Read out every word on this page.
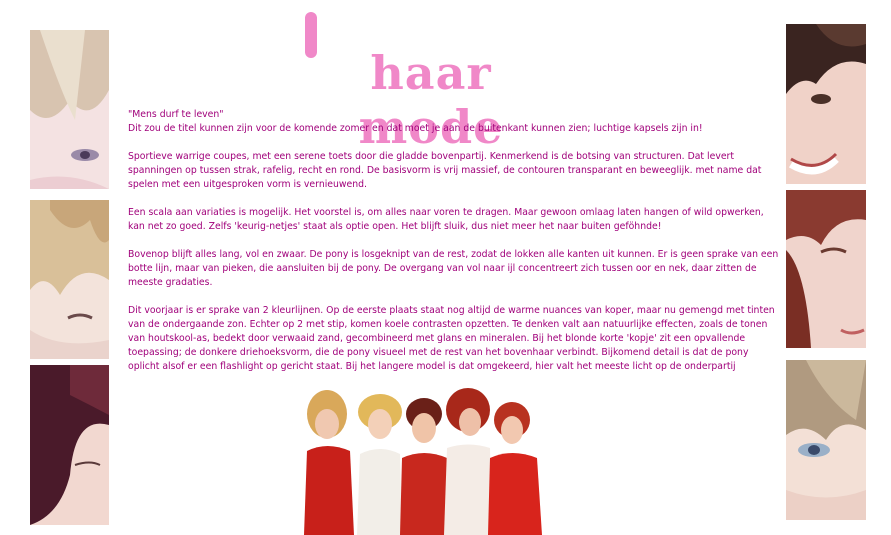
haar mode

"Mens durf te leven"
Dit zou de titel kunnen zijn voor de komende zomer en dat moet je aan de buitenkant kunnen zien; luchtige kapsels zijn in!

Sportieve warrige coupes, met een serene toets door die gladde bovenpartij. Kenmerkend is de botsing van structuren. Dat levert spanningen op tussen strak, rafelig, recht en rond. De basisvorm is vrij massief, de contouren transparant en beweeglijk. met name dat spelen met een uitgesproken vorm is vernieuwend.

Een scala aan variaties is mogelijk. Het voorstel is, om alles naar voren te dragen. Maar gewoon omlaag laten hangen of wild opwerken, kan net zo goed. Zelfs 'keurig-netjes' staat als optie open. Het blijft sluik, dus niet meer het naar buiten geföhnde!

Bovenop blijft alles lang, vol en zwaar. De pony is losgeknipt van de rest, zodat de lokken alle kanten uit kunnen. Er is geen sprake van een botte lijn, maar van pieken, die aansluiten bij de pony. De overgang van vol naar ijl concentreert zich tussen oor en nek, daar zitten de meeste gradaties.

Dit voorjaar is er sprake van 2 kleurlijnen. Op de eerste plaats staat nog altijd de warme nuances van koper, maar nu gemengd met tinten van de ondergaande zon. Echter op 2 met stip, komen koele contrasten opzetten. Te denken valt aan natuurlijke effecten, zoals de tonen van houtskool-as, bedekt door verwaaid zand, gecombineerd met glans en mineralen. Bij het blonde korte 'kopje' zit een opvallende toepassing; de donkere driehoeksvorm, die de pony visueel met de rest van het bovenhaar verbindt. Bijkomend detail is dat de pony oplicht alsof er een flashlight op gericht staat. Bij het langere model is dat omgekeerd, hier valt het meeste licht op de onderpartij
